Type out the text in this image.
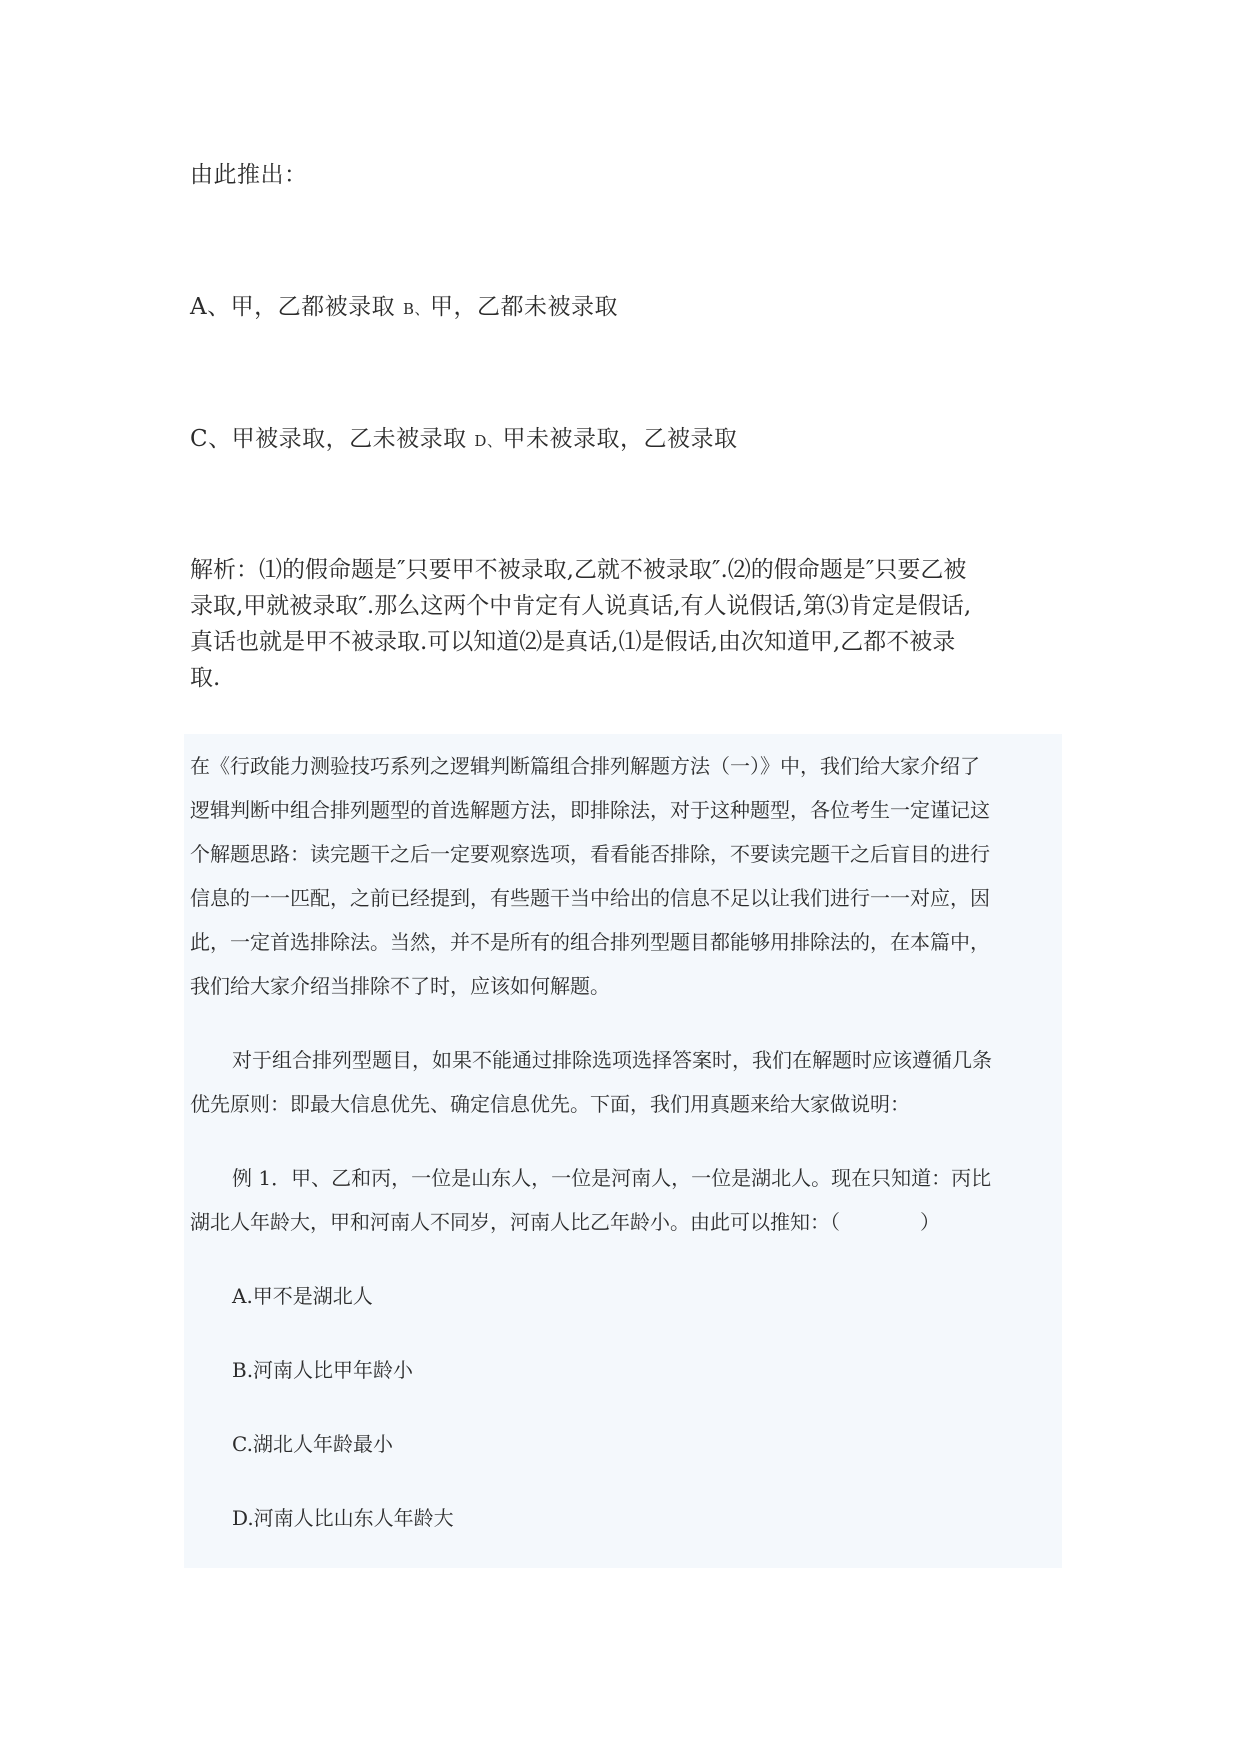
由此推出：

A、甲，乙都被录取 B、甲，乙都未被录取

C、甲被录取，乙未被录取 D、甲未被录取，乙被录取

解析：⑴的假命题是″只要甲不被录取,乙就不被录取″.⑵的假命题是″只要乙被
录取,甲就被录取″.那么这两个中肯定有人说真话,有人说假话,第⑶肯定是假话,
真话也就是甲不被录取.可以知道⑵是真话,⑴是假话,由次知道甲,乙都不被录
取.

在《行政能力测验技巧系列之逻辑判断篇组合排列解题方法（一）》中，我们给大家介绍了

逻辑判断中组合排列题型的首选解题方法，即排除法，对于这种题型，各位考生一定谨记这

个解题思路：读完题干之后一定要观察选项，看看能否排除，不要读完题干之后盲目的进行

信息的一一匹配，之前已经提到，有些题干当中给出的信息不足以让我们进行一一对应，因

此，一定首选排除法。当然，并不是所有的组合排列型题目都能够用排除法的，在本篇中，

我们给大家介绍当排除不了时，应该如何解题。

对于组合排列型题目，如果不能通过排除选项选择答案时，我们在解题时应该遵循几条

优先原则：即最大信息优先、确定信息优先。下面，我们用真题来给大家做说明：

例 1．甲、乙和丙，一位是山东人，一位是河南人，一位是湖北人。现在只知道：丙比

湖北人年龄大，甲和河南人不同岁，河南人比乙年龄小。由此可以推知：（　　　　）

A.甲不是湖北人

B.河南人比甲年龄小

C.湖北人年龄最小

D.河南人比山东人年龄大
